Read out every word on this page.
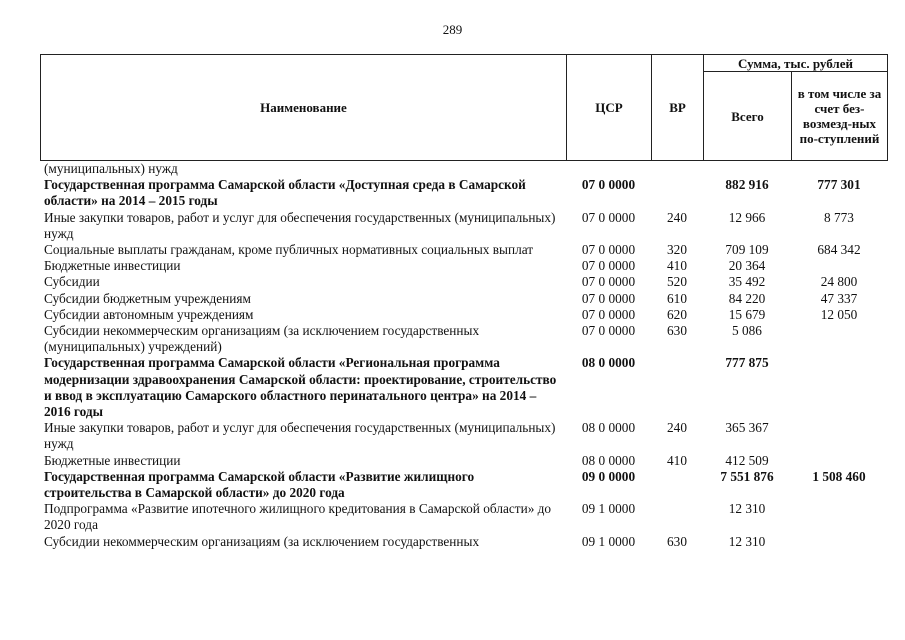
289
Наименование	ЦСР	ВР	Сумма, тыс. рублей	
			Всего	в том числе за счет без-возмезд-ных по-ступлений
(муниципальных) нужд				
Государственная программа Самарской области «Доступная среда в Самарской области» на 2014 – 2015 годы	07 0 0000		882 916	777 301
Иные закупки товаров, работ и услуг для обеспечения государственных (муниципальных) нужд	07 0 0000	240	12 966	8 773
Социальные выплаты гражданам, кроме публичных нормативных социальных выплат	07 0 0000	320	709 109	684 342
Бюджетные инвестиции	07 0 0000	410	20 364	
Субсидии	07 0 0000	520	35 492	24 800
Субсидии бюджетным учреждениям	07 0 0000	610	84 220	47 337
Субсидии автономным учреждениям	07 0 0000	620	15 679	12 050
Субсидии некоммерческим организациям (за исключением государственных (муниципальных) учреждений)	07 0 0000	630	5 086	
Государственная программа Самарской области «Региональная программа модернизации здравоохранения Самарской области: проектирование, строительство и ввод в эксплуатацию Самарского областного перинатального центра» на 2014 – 2016 годы	08 0 0000		777 875	
Иные закупки товаров, работ и услуг для обеспечения государственных (муниципальных) нужд	08 0 0000	240	365 367	
Бюджетные инвестиции	08 0 0000	410	412 509	
Государственная программа Самарской области «Развитие жилищного строительства в Самарской области» до 2020 года	09 0 0000		7 551 876	1 508 460
Подпрограмма «Развитие ипотечного жилищного кредитования в Самарской области» до 2020 года	09 1 0000		12 310	
Субсидии некоммерческим организациям (за исключением государственных	09 1 0000	630	12 310	
